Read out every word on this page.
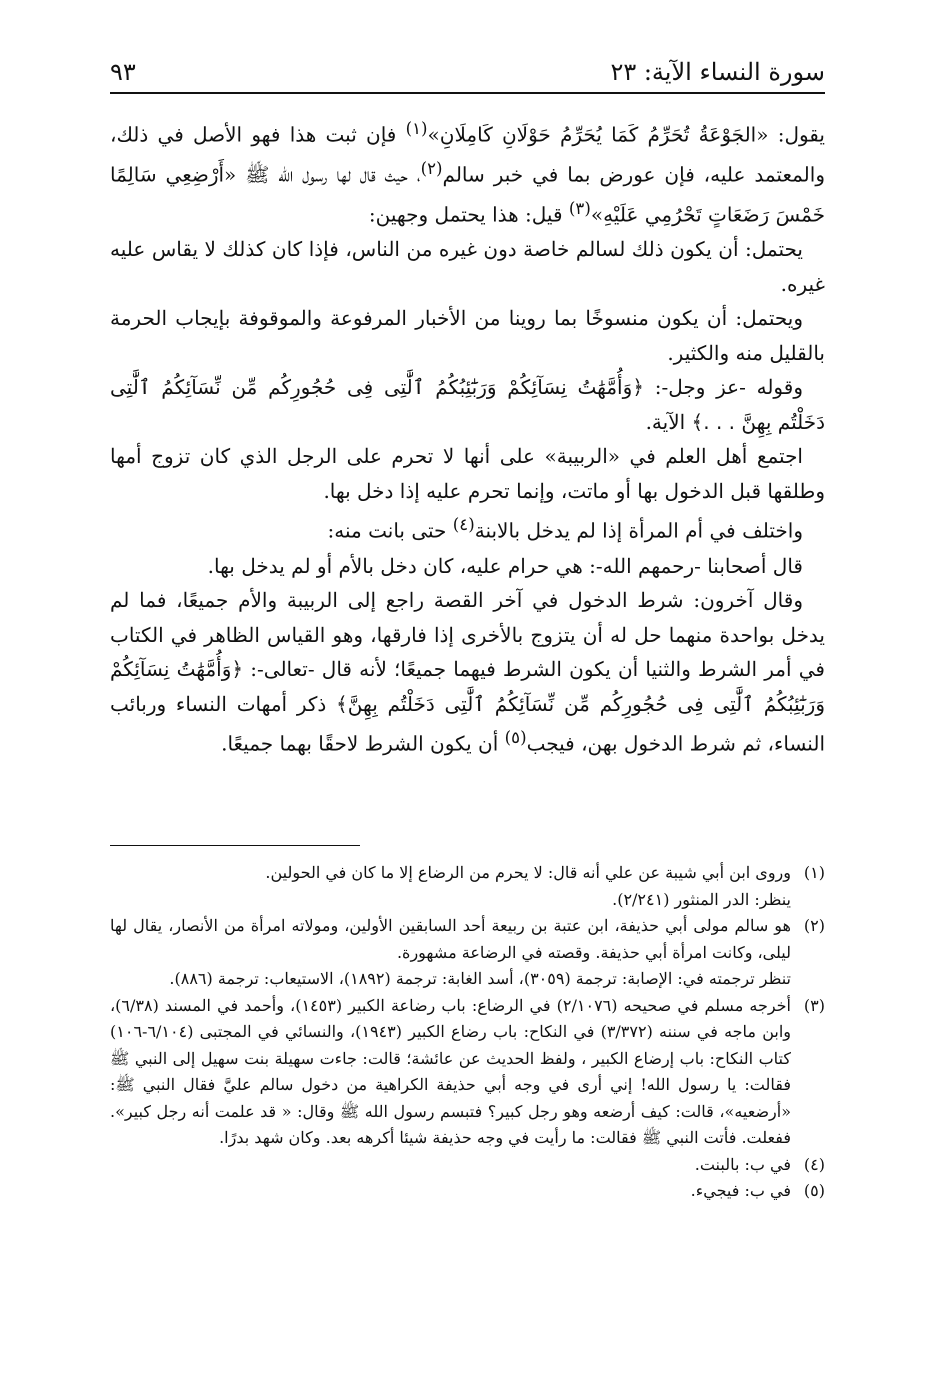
سورة النساء الآية: ٢٣
٩٣

يقول: «الجَوْعَةُ تُحَرِّمُ كَمَا يُحَرِّمُ حَوْلَانِ كَامِلَانِ»$^{(١)}$ فإن ثبت هذا فهو الأصل في ذلك، والمعتمد عليه، فإن عورض بما في خبر سالم$^{(٢)}$، حيث قال لها رسول الله ﷺ «أَرْضِعِي سَالِمًا خَمْسَ رَضَعَاتٍ تَحْرُمِي عَلَيْهِ»$^{(٣)}$ قيل: هذا يحتمل وجهين:

يحتمل: أن يكون ذلك لسالم خاصة دون غيره من الناس، فإذا كان كذلك لا يقاس عليه غيره.

ويحتمل: أن يكون منسوخًا بما روينا من الأخبار المرفوعة والموقوفة بإيجاب الحرمة بالقليل منه والكثير.

وقوله -عز وجل-: ﴿وَأُمَّهَٰتُ نِسَآئِكُمْ وَرَبَٰٓئِبُكُمُ ٱلَّٰتِى فِى حُجُورِكُم مِّن نِّسَآئِكُمُ ٱلَّٰتِى دَخَلْتُم بِهِنَّ . . .﴾ الآية.

اجتمع أهل العلم في «الربيبة» على أنها لا تحرم على الرجل الذي كان تزوج أمها وطلقها قبل الدخول بها أو ماتت، وإنما تحرم عليه إذا دخل بها.

واختلف في أم المرأة إذا لم يدخل بالابنة$^{(٤)}$ حتى بانت منه:

قال أصحابنا -رحمهم الله-: هي حرام عليه، كان دخل بالأم أو لم يدخل بها.

وقال آخرون: شرط الدخول في آخر القصة راجع إلى الربيبة والأم جميعًا، فما لم يدخل بواحدة منهما حل له أن يتزوج بالأخرى إذا فارقها، وهو القياس الظاهر في الكتاب في أمر الشرط والثنيا أن يكون الشرط فيهما جميعًا؛ لأنه قال -تعالى-: ﴿وَأُمَّهَٰتُ نِسَآئِكُمْ وَرَبَٰٓئِبُكُمُ ٱلَّٰتِى فِى حُجُورِكُم مِّن نِّسَآئِكُمُ ٱلَّٰتِى دَخَلْتُم بِهِنَّ﴾ ذكر أمهات النساء وربائب النساء، ثم شرط الدخول بهن، فيجب$^{(٥)}$ أن يكون الشرط لاحقًا بهما جميعًا.

(١)
وروى ابن أبي شيبة عن علي أنه قال: لا يحرم من الرضاع إلا ما كان في الحولين.
ينظر: الدر المنثور (٢/٢٤١).
(٢)
هو سالم مولى أبي حذيفة، ابن عتبة بن ربيعة أحد السابقين الأولين، ومولاته امرأة من الأنصار، يقال لها ليلى، وكانت امرأة أبي حذيفة. وقصته في الرضاعة مشهورة.
تنظر ترجمته في: الإصابة: ترجمة (٣٠٥٩)، أسد الغابة: ترجمة (١٨٩٢)، الاستيعاب: ترجمة (٨٨٦).
(٣)
أخرجه مسلم في صحيحه (٢/١٠٧٦) في الرضاع: باب رضاعة الكبير (١٤٥٣)، وأحمد في المسند (٦/٣٨)، وابن ماجه في سننه (٣/٣٧٢) في النكاح: باب رضاع الكبير (١٩٤٣)، والنسائي في المجتبى (٦/١٠٤-١٠٦) كتاب النكاح: باب إرضاع الكبير ، ولفظ الحديث عن عائشة؛ قالت: جاءت سهيلة بنت سهيل إلى النبي ﷺ فقالت: يا رسول الله! إني أرى في وجه أبي حذيفة الكراهية من دخول سالم عليَّ فقال النبي ﷺ: «أرضعيه»، قالت: كيف أرضعه وهو رجل كبير؟ فتبسم رسول الله ﷺ وقال: « قد علمت أنه رجل كبير». ففعلت. فأتت النبي ﷺ فقالت: ما رأيت في وجه حذيفة شيئا أكرهه بعد. وكان شهد بدرًا.
(٤)
في ب: بالبنت.
(٥)
في ب: فيجيء.
